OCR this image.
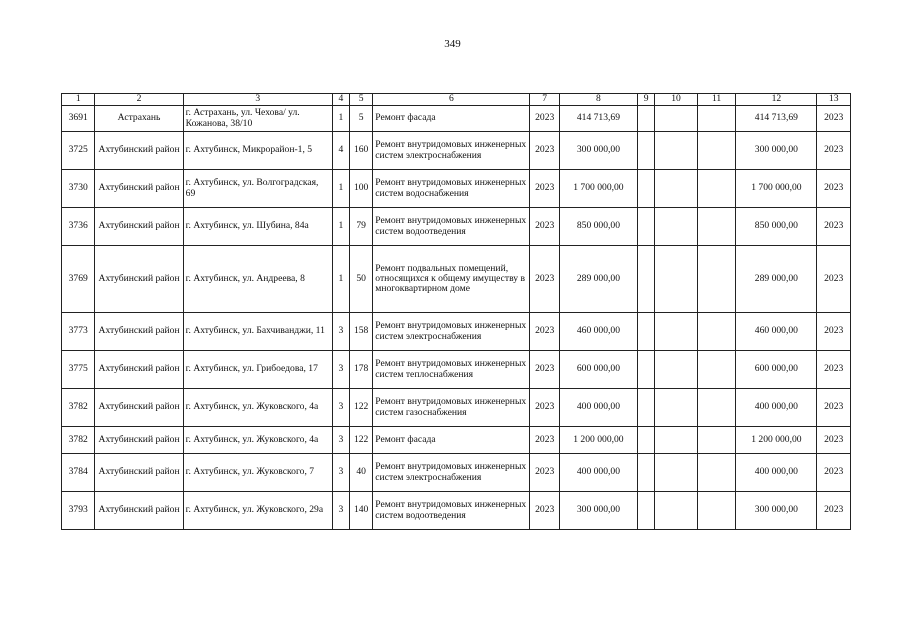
349
1	2	3	4	5	6	7	8	9	10	11	12	13
3691	Астрахань	г. Астрахань, ул. Чехова/ ул. Кожанова, 38/10	1	5	Ремонт фасада	2023	414 713,69				414 713,69	2023
3725	Ахтубинский район	г. Ахтубинск, Микрорайон-1, 5	4	160	Ремонт внутридомовых инженерных систем электроснабжения	2023	300 000,00				300 000,00	2023
3730	Ахтубинский район	г. Ахтубинск, ул. Волгоградская, 69	1	100	Ремонт внутридомовых инженерных систем водоснабжения	2023	1 700 000,00				1 700 000,00	2023
3736	Ахтубинский район	г. Ахтубинск, ул. Шубина, 84а	1	79	Ремонт внутридомовых инженерных систем водоотведения	2023	850 000,00				850 000,00	2023
3769	Ахтубинский район	г. Ахтубинск, ул. Андреева, 8	1	50	Ремонт подвальных помещений, относящихся к общему имуществу в многоквартирном доме	2023	289 000,00				289 000,00	2023
3773	Ахтубинский район	г. Ахтубинск, ул. Бахчиванджи, 11	3	158	Ремонт внутридомовых инженерных систем электроснабжения	2023	460 000,00				460 000,00	2023
3775	Ахтубинский район	г. Ахтубинск, ул. Грибоедова, 17	3	178	Ремонт внутридомовых инженерных систем теплоснабжения	2023	600 000,00				600 000,00	2023
3782	Ахтубинский район	г. Ахтубинск, ул. Жуковского, 4а	3	122	Ремонт внутридомовых инженерных систем газоснабжения	2023	400 000,00				400 000,00	2023
3782	Ахтубинский район	г. Ахтубинск, ул. Жуковского, 4а	3	122	Ремонт фасада	2023	1 200 000,00				1 200 000,00	2023
3784	Ахтубинский район	г. Ахтубинск, ул. Жуковского, 7	3	40	Ремонт внутридомовых инженерных систем электроснабжения	2023	400 000,00				400 000,00	2023
3793	Ахтубинский район	г. Ахтубинск, ул. Жуковского, 29а	3	140	Ремонт внутридомовых инженерных систем водоотведения	2023	300 000,00				300 000,00	2023
